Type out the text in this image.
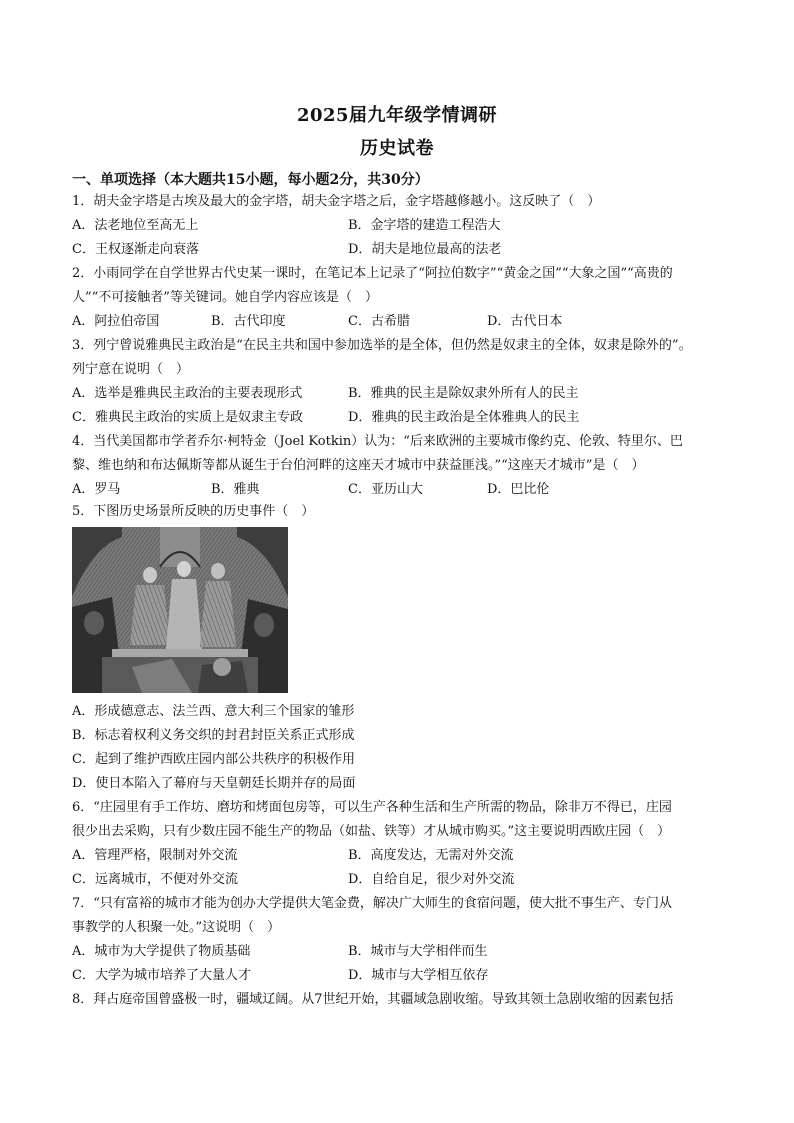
2025届九年级学情调研
历史试卷
一、单项选择（本大题共15小题，每小题2分，共30分）
1．胡夫金字塔是古埃及最大的金字塔，胡夫金字塔之后，金字塔越修越小。这反映了（　）
A．法老地位至高无上	B．金字塔的建造工程浩大
C．王权逐渐走向衰落	D．胡夫是地位最高的法老
2．小雨同学在自学世界古代史某一课时，在笔记本上记录了“阿拉伯数字”“黄金之国”“大象之国”“高贵的
人”“不可接触者”等关键词。她自学内容应该是（　）
A．阿拉伯帝国	B．古代印度	C．古希腊	D．古代日本
3．列宁曾说雅典民主政治是“在民主共和国中参加选举的是全体，但仍然是奴隶主的全体，奴隶是除外的”。
列宁意在说明（　）
A．选举是雅典民主政治的主要表现形式	B．雅典的民主是除奴隶外所有人的民主
C．雅典民主政治的实质上是奴隶主专政	D．雅典的民主政治是全体雅典人的民主
4．当代美国都市学者乔尔·柯特金（Joel Kotkin）认为：“后来欧洲的主要城市像约克、伦敦、特里尔、巴
黎、维也纳和布达佩斯等都从诞生于台伯河畔的这座天才城市中获益匪浅。”“这座天才城市”是（　）
A．罗马	B．雅典	C．亚历山大	D．巴比伦
5．下图历史场景所反映的历史事件（　）
A．形成德意志、法兰西、意大利三个国家的雏形
B．标志着权利义务交织的封君封臣关系正式形成
C．起到了维护西欧庄园内部公共秩序的积极作用
D．使日本陷入了幕府与天皇朝廷长期并存的局面
6．“庄园里有手工作坊、磨坊和烤面包房等，可以生产各种生活和生产所需的物品，除非万不得已，庄园
很少出去采购，只有少数庄园不能生产的物品（如盐、铁等）才从城市购买。”这主要说明西欧庄园（　）
A．管理严格，限制对外交流	B．高度发达，无需对外交流
C．远离城市，不便对外交流	D．自给自足，很少对外交流
7．“只有富裕的城市才能为创办大学提供大笔金费，解决广大师生的食宿问题，使大批不事生产、专门从
事教学的人积聚一处。”这说明（　）
A．城市为大学提供了物质基础	B．城市与大学相伴而生
C．大学为城市培养了大量人才	D．城市与大学相互依存
8．拜占庭帝国曾盛极一时，疆域辽阔。从7世纪开始，其疆域急剧收缩。导致其领土急剧收缩的因素包括
